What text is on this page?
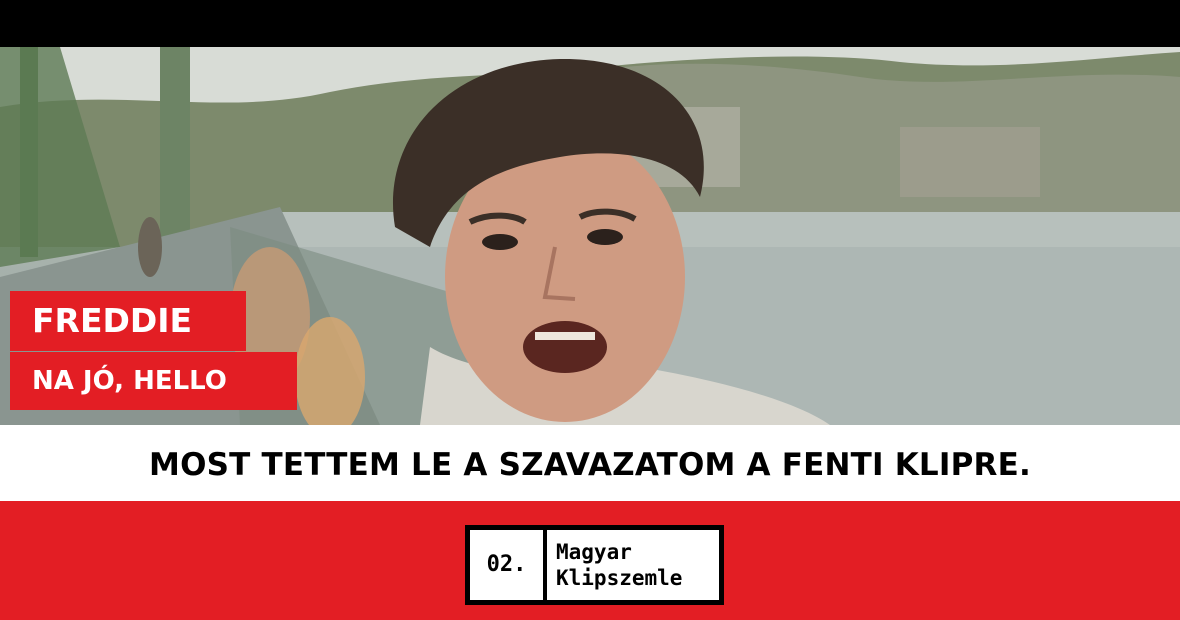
FREDDIE
NA JÓ, HELLO
MOST TETTEM LE A SZAVAZATOM A FENTI KLIPRE.
02.	Magyar
Klipszemle
